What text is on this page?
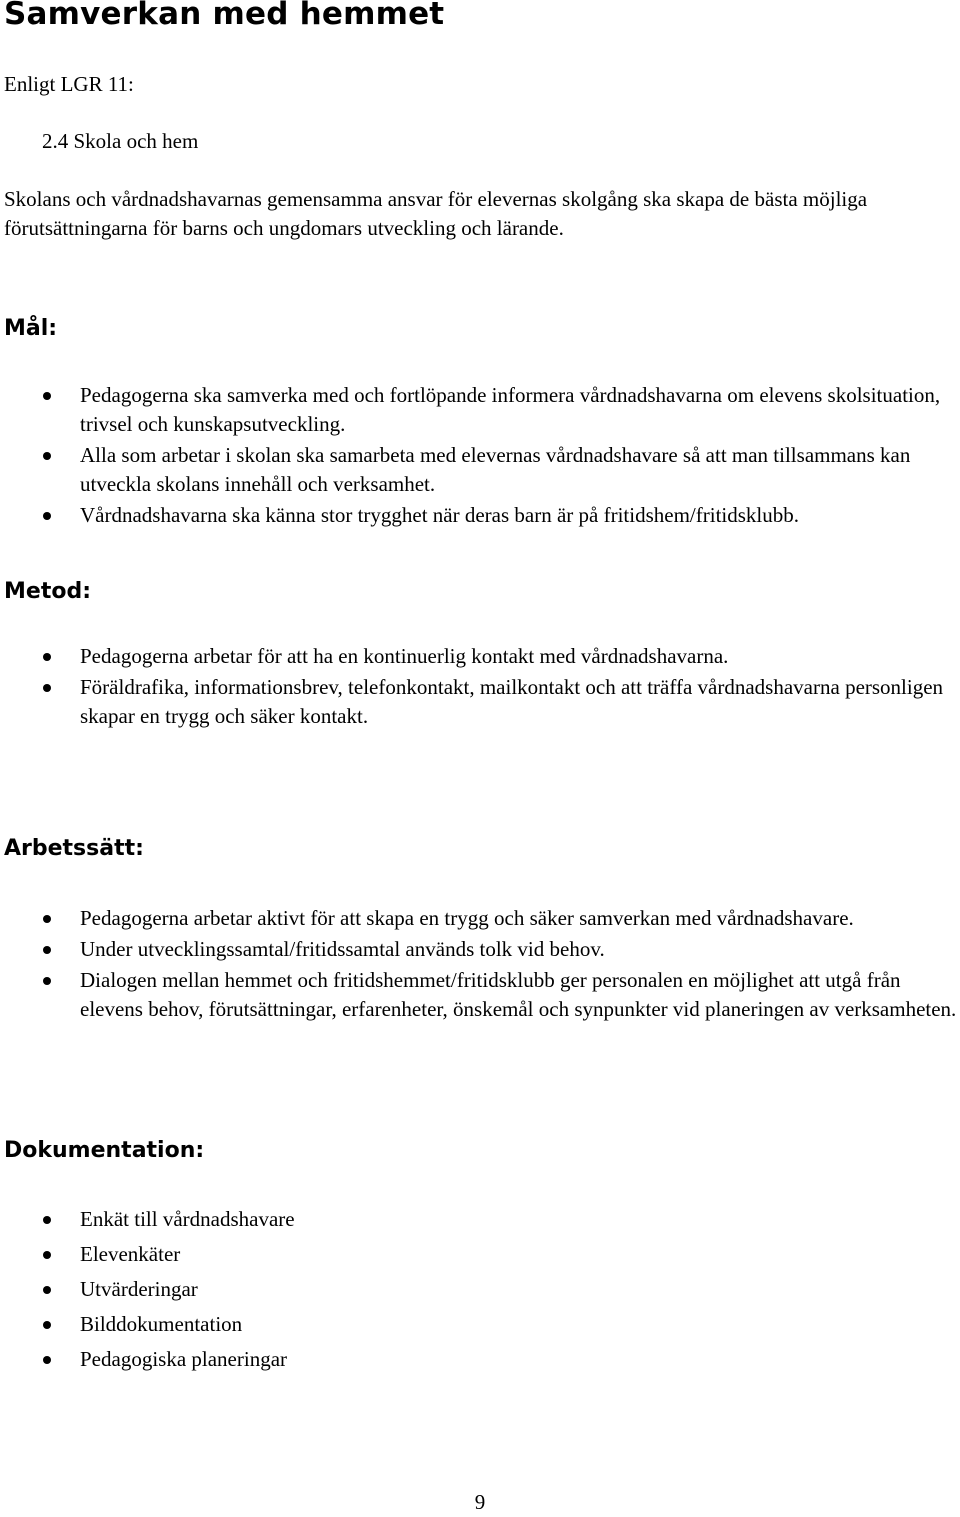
Samverkan med hemmet

Enligt LGR 11:

2.4 Skola och hem

Skolans och vårdnadshavarnas gemensamma ansvar för elevernas skolgång ska skapa de bästa möjliga förutsättningarna för barns och ungdomars utveckling och lärande.

Mål:
Pedagogerna ska samverka med och fortlöpande informera vårdnadshavarna om elevens skolsituation, trivsel och kunskapsutveckling.
Alla som arbetar i skolan ska samarbeta med elevernas vårdnadshavare så att man tillsammans kan utveckla skolans innehåll och verksamhet.
Vårdnadshavarna ska känna stor trygghet när deras barn är på fritidshem/fritidsklubb.
Metod:
Pedagogerna arbetar för att ha en kontinuerlig kontakt med vårdnadshavarna.
Föräldrafika, informationsbrev, telefonkontakt, mailkontakt och att träffa vårdnadshavarna personligen skapar en trygg och säker kontakt.
Arbetssätt:
Pedagogerna arbetar aktivt för att skapa en trygg och säker samverkan med vårdnadshavare.
Under utvecklingssamtal/fritidssamtal används tolk vid behov.
Dialogen mellan hemmet och fritidshemmet/fritidsklubb ger personalen en möjlighet att utgå från elevens behov, förutsättningar, erfarenheter, önskemål och synpunkter vid planeringen av verksamheten.
Dokumentation:
Enkät till vårdnadshavare
Elevenkäter
Utvärderingar
Bilddokumentation
Pedagogiska planeringar

9
